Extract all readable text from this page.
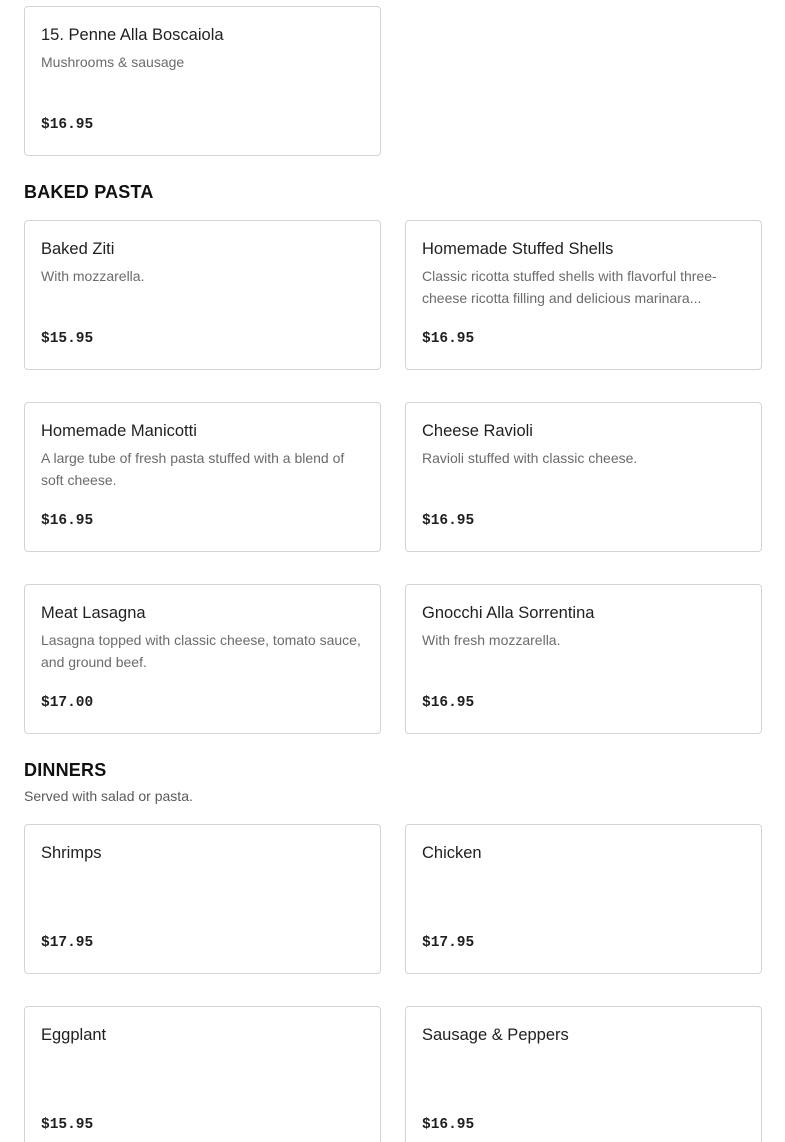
15. Penne Alla Boscaiola
Mushrooms & sausage
$16.95
BAKED PASTA
Baked Ziti
With mozzarella.
$15.95
Homemade Stuffed Shells
Classic ricotta stuffed shells with flavorful three-cheese ricotta filling and delicious marinara...
$16.95
Homemade Manicotti
A large tube of fresh pasta stuffed with a blend of soft cheese.
$16.95
Cheese Ravioli
Ravioli stuffed with classic cheese.
$16.95
Meat Lasagna
Lasagna topped with classic cheese, tomato sauce, and ground beef.
$17.00
Gnocchi Alla Sorrentina
With fresh mozzarella.
$16.95
DINNERS
Served with salad or pasta.
Shrimps
$17.95
Chicken
$17.95
Eggplant
$15.95
Sausage & Peppers
$16.95
